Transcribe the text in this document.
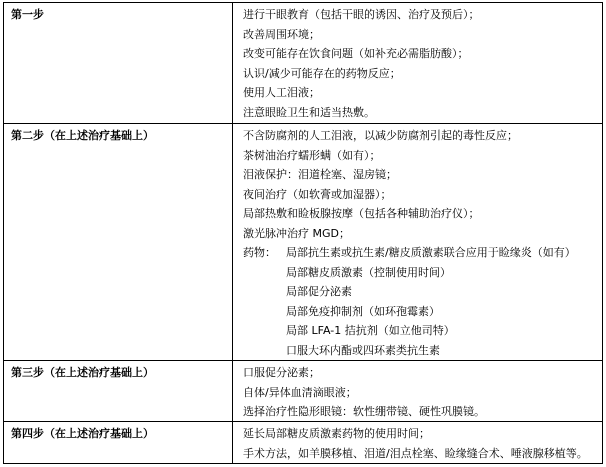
第一步	进行干眼教育（包括干眼的诱因、治疗及预后）；
改善周围环境；
改变可能存在饮食问题（如补充必需脂肪酸）；
认识/减少可能存在的药物反应；
使用人工泪液；
注意眼睑卫生和适当热敷。
第二步（在上述治疗基础上）	不含防腐剂的人工泪液，以减少防腐剂引起的毒性反应；
茶树油治疗蠕形螨（如有）；
泪液保护：泪道栓塞、湿房镜；
夜间治疗（如软膏或加湿器）；
局部热敷和睑板腺按摩（包括各种辅助治疗仪）；
激光脉冲治疗 MGD；
药物： 局部抗生素或抗生素/糖皮质激素联合应用于睑缘炎（如有）
局部糖皮质激素（控制使用时间）
局部促分泌素
局部免疫抑制剂（如环孢霉素）
局部 LFA-1 拮抗剂（如立他司特）
口服大环内酯或四环素类抗生素
第三步（在上述治疗基础上）	口服促分泌素；
自体/异体血清滴眼液；
选择治疗性隐形眼镜：软性绷带镜、硬性巩膜镜。
第四步（在上述治疗基础上）	延长局部糖皮质激素药物的使用时间；
手术方法，如羊膜移植、泪道/泪点栓塞、睑缘缝合术、唾液腺移植等。
